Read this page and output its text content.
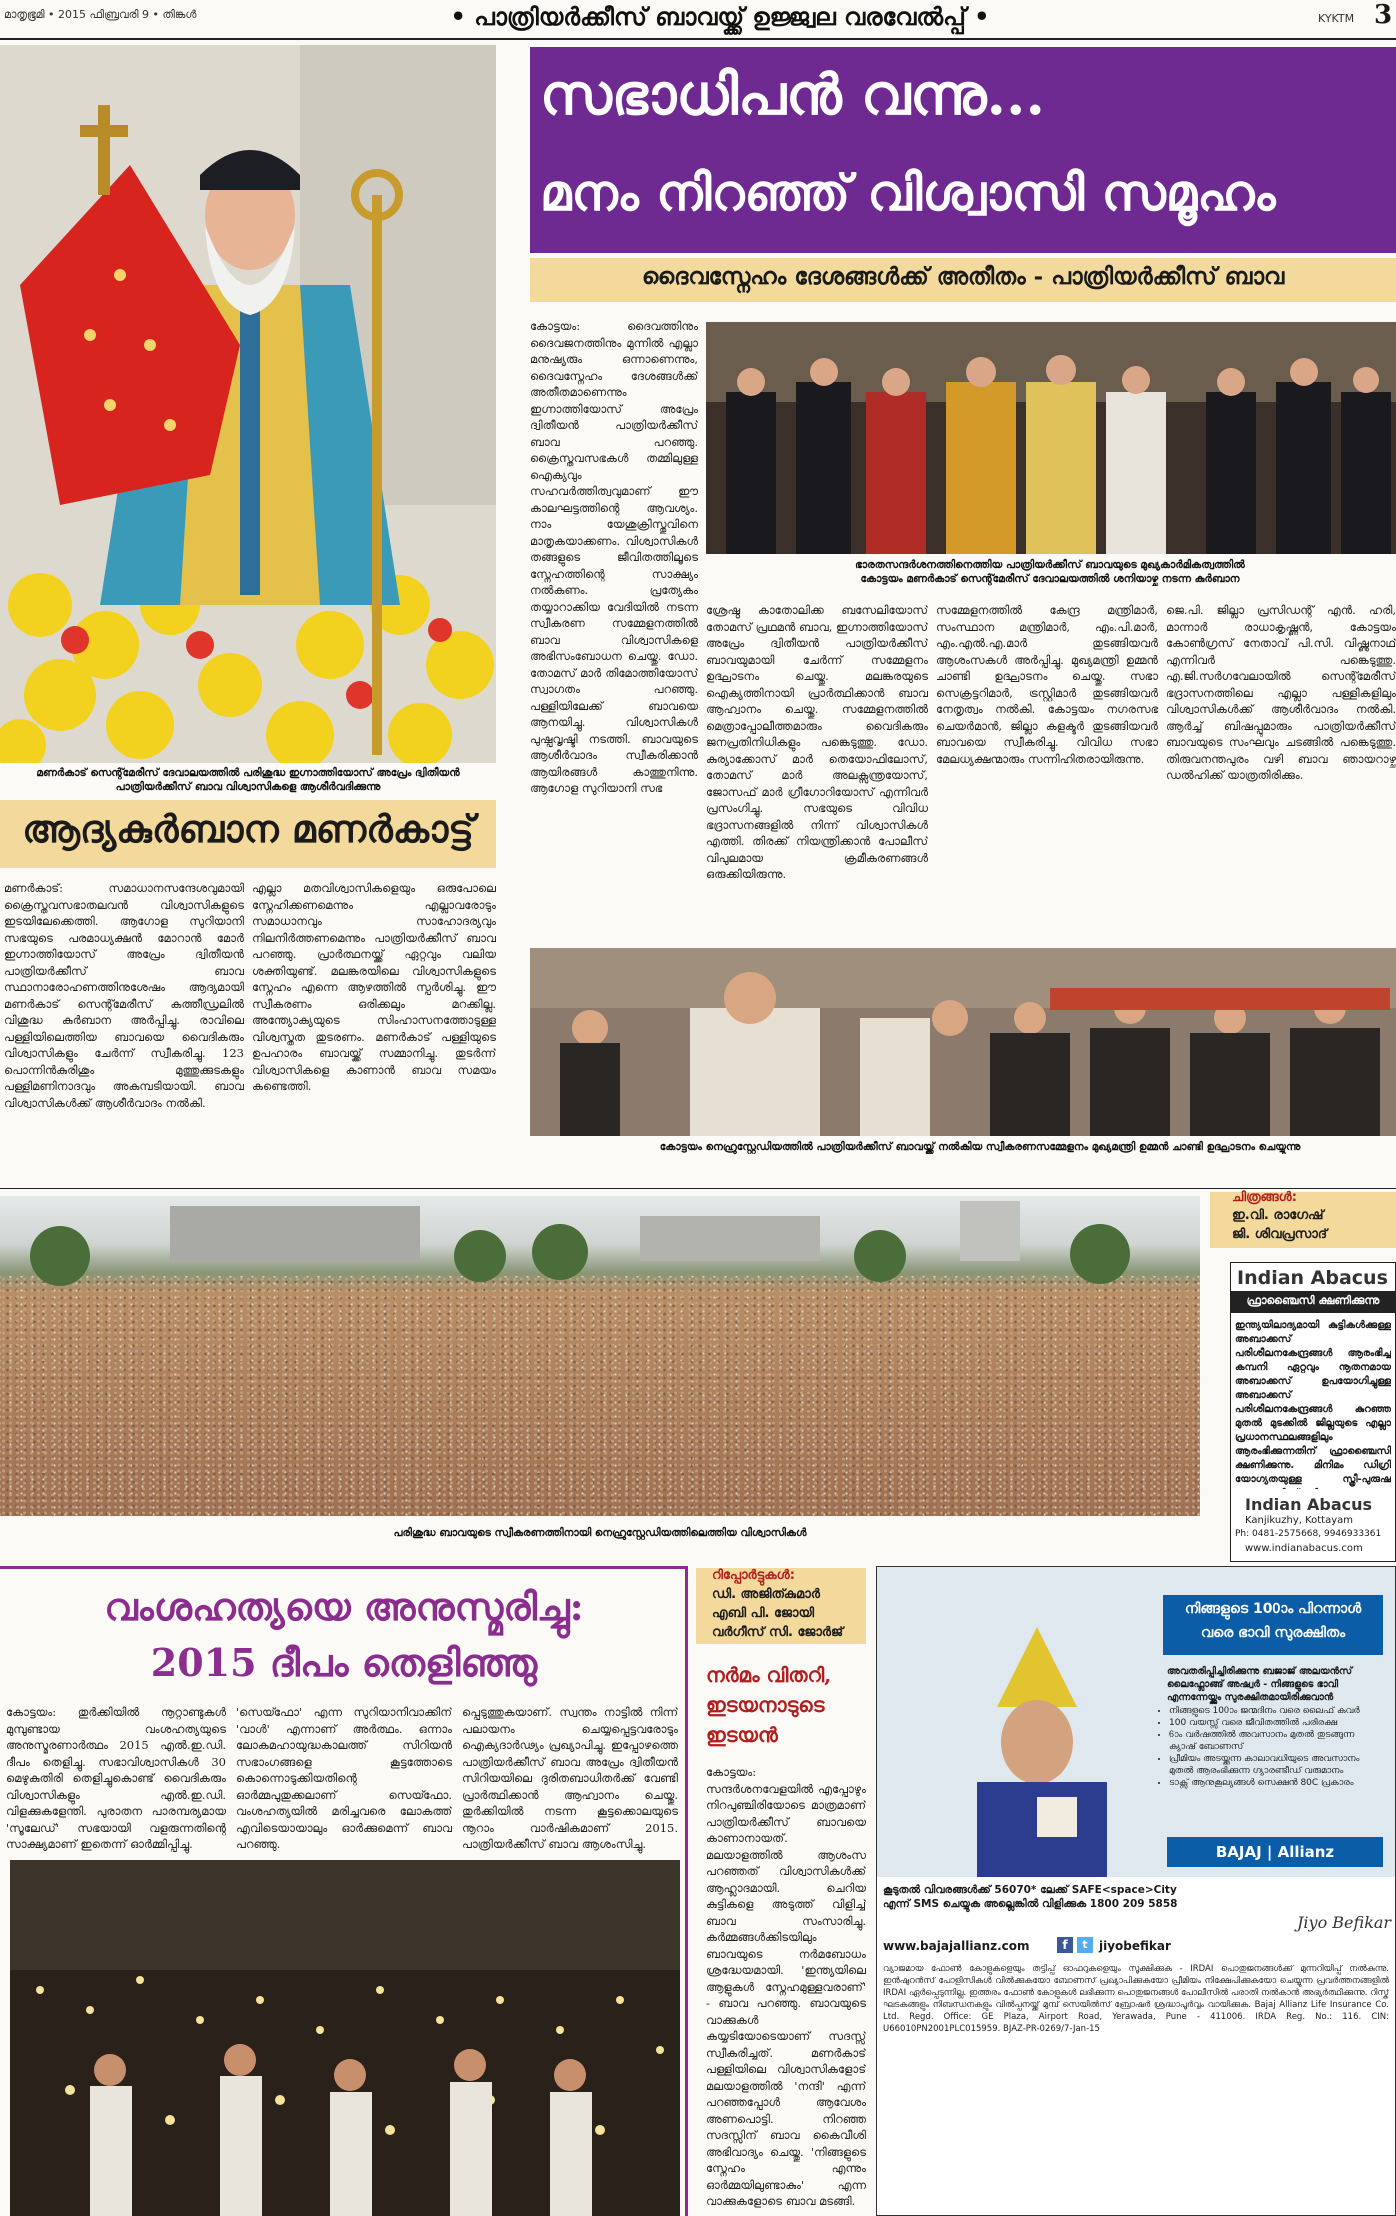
മാതൃഭൂമി • 2015 ഫിബ്രവരി 9 • തിങ്കൾ	• പാത്രിയർക്കീസ് ബാവയ്ക്ക് ഉജ്ജ്വല വരവേൽപ്പ് •	KYKTM 3
മണർകാട് സെന്റ്മേരീസ് ദേവാലയത്തിൽ പരിശുദ്ധ ഇഗ്നാത്തിയോസ് അപ്രേം ദ്വിതീയൻ പാത്രിയർക്കീസ് ബാവ വിശ്വാസികളെ ആശീർവദിക്കുന്നു
ആദ്യകുർബാന മണർകാട്ട്
മണർകാട്: സമാധാനസന്ദേശവുമായി ക്രൈസ്തവസഭാതലവൻ വിശ്വാസികളുടെ ഇടയിലേക്കെത്തി. ആഗോള സുറിയാനി സഭയുടെ പരമാധ്യക്ഷൻ മോറാൻ മോർ ഇഗ്നാത്തിയോസ് അപ്രേം ദ്വിതീയൻ പാത്രിയർക്കീസ് ബാവ സ്ഥാനാരോഹണത്തിനുശേഷം ആദ്യമായി മണർകാട് സെന്റ്മേരീസ് കത്തീഡ്രലിൽ വിശുദ്ധ കുർബാന അർപ്പിച്ചു. രാവിലെ പള്ളിയിലെത്തിയ ബാവയെ വൈദികരും വിശ്വാസികളും ചേർന്ന് സ്വീകരിച്ചു. 123 പൊന്നിൻകുരിശും മുത്തുക്കുടകളും പള്ളിമണിനാദവും അകമ്പടിയായി. ബാവ വിശ്വാസികൾക്ക് ആശീർവാദം നൽകി.
എല്ലാ മതവിശ്വാസികളെയും ഒരുപോലെ സ്നേഹിക്കണമെന്നും എല്ലാവരോടും സമാധാനവും സാഹോദര്യവും നിലനിർത്തണമെന്നും പാത്രിയർക്കീസ് ബാവ പറഞ്ഞു. പ്രാർത്ഥനയ്ക്ക് ഏറ്റവും വലിയ ശക്തിയുണ്ട്. മലങ്കരയിലെ വിശ്വാസികളുടെ സ്നേഹം എന്നെ ആഴത്തിൽ സ്പർശിച്ചു. ഈ സ്വീകരണം ഒരിക്കലും മറക്കില്ല. അന്ത്യോക്യയുടെ സിംഹാസനത്തോടുള്ള വിശ്വസ്തത തുടരണം. മണർകാട് പള്ളിയുടെ ഉപഹാരം ബാവയ്ക്ക് സമ്മാനിച്ചു. തുടർന്ന് വിശ്വാസികളെ കാണാൻ ബാവ സമയം കണ്ടെത്തി.
സഭാധിപൻ വന്നു...
മനം നിറഞ്ഞ് വിശ്വാസി സമൂഹം
ദൈവസ്നേഹം ദേശങ്ങൾക്ക് അതീതം - പാത്രിയർക്കീസ് ബാവ
കോട്ടയം: ദൈവത്തിനും ദൈവജനത്തിനും മുന്നിൽ എല്ലാ മനുഷ്യരും ഒന്നാണെന്നും, ദൈവസ്നേഹം ദേശങ്ങൾക്ക് അതീതമാണെന്നും ഇഗ്നാത്തിയോസ് അപ്രേം ദ്വിതീയൻ പാത്രിയർക്കീസ് ബാവ പറഞ്ഞു. ക്രൈസ്തവസഭകൾ തമ്മിലുള്ള ഐക്യവും സഹവർത്തിത്വവുമാണ് ഈ കാലഘട്ടത്തിന്റെ ആവശ്യം. നാം യേശുക്രിസ്തുവിനെ മാതൃകയാക്കണം. വിശ്വാസികൾ തങ്ങളുടെ ജീവിതത്തിലൂടെ സ്നേഹത്തിന്റെ സാക്ഷ്യം നൽകണം. പ്രത്യേകം തയ്യാറാക്കിയ വേദിയിൽ നടന്ന സ്വീകരണ സമ്മേളനത്തിൽ ബാവ വിശ്വാസികളെ അഭിസംബോധന ചെയ്തു. ഡോ. തോമസ് മാർ തിമോത്തിയോസ് സ്വാഗതം പറഞ്ഞു. പള്ളിയിലേക്ക് ബാവയെ ആനയിച്ചു. വിശ്വാസികൾ പുഷ്പവൃഷ്ടി നടത്തി. ബാവയുടെ ആശീർവാദം സ്വീകരിക്കാൻ ആയിരങ്ങൾ കാത്തുനിന്നു. ആഗോള സുറിയാനി സഭ
ഭാരതസന്ദർശനത്തിനെത്തിയ പാത്രിയർക്കീസ് ബാവയുടെ മുഖ്യകാർമികത്വത്തിൽ കോട്ടയം മണർകാട് സെന്റ്മേരീസ് ദേവാലയത്തിൽ ശനിയാഴ്ച നടന്ന കുർബാന
ശ്രേഷ്ഠ കാതോലിക്ക ബസേലിയോസ് തോമസ് പ്രഥമൻ ബാവ, ഇഗ്നാത്തിയോസ് അപ്രേം ദ്വിതീയൻ പാത്രിയർക്കീസ് ബാവയുമായി ചേർന്ന് സമ്മേളനം ഉദ്ഘാടനം ചെയ്തു. മലങ്കരയുടെ ഐക്യത്തിനായി പ്രാർത്ഥിക്കാൻ ബാവ ആഹ്വാനം ചെയ്തു. സമ്മേളനത്തിൽ മെത്രാപ്പോലീത്തമാരും വൈദികരും ജനപ്രതിനിധികളും പങ്കെടുത്തു. ഡോ. കുര്യാക്കോസ് മാർ തെയോഫിലോസ്, തോമസ് മാർ അലക്സന്ത്രയോസ്, ജോസഫ് മാർ ഗ്രീഗോറിയോസ് എന്നിവർ പ്രസംഗിച്ചു. സഭയുടെ വിവിധ ഭദ്രാസനങ്ങളിൽ നിന്ന് വിശ്വാസികൾ എത്തി. തിരക്ക് നിയന്ത്രിക്കാൻ പോലീസ് വിപുലമായ ക്രമീകരണങ്ങൾ ഒരുക്കിയിരുന്നു.
സമ്മേളനത്തിൽ കേന്ദ്ര മന്ത്രിമാർ, സംസ്ഥാന മന്ത്രിമാർ, എം.പി.മാർ, എം.എൽ.എ.മാർ തുടങ്ങിയവർ ആശംസകൾ അർപ്പിച്ചു. മുഖ്യമന്ത്രി ഉമ്മൻ ചാണ്ടി ഉദ്ഘാടനം ചെയ്തു. സഭാ സെക്രട്ടറിമാർ, ട്രസ്റ്റിമാർ തുടങ്ങിയവർ നേതൃത്വം നൽകി. കോട്ടയം നഗരസഭ ചെയർമാൻ, ജില്ലാ കളക്ടർ തുടങ്ങിയവർ ബാവയെ സ്വീകരിച്ചു. വിവിധ സഭാ മേലധ്യക്ഷന്മാരും സന്നിഹിതരായിരുന്നു.
ജെ.പി. ജില്ലാ പ്രസിഡന്റ് എൻ. ഹരി, മാന്നാർ രാധാകൃഷ്ണൻ, കോട്ടയം കോൺഗ്രസ് നേതാവ് പി.സി. വിഷ്ണുനാഥ് എന്നിവർ പങ്കെടുത്തു. എ.ജി.സർഗവേലായിൽ സെന്റ്മേരീസ് ഭദ്രാസനത്തിലെ എല്ലാ പള്ളികളിലും വിശ്വാസികൾക്ക് ആശീർവാദം നൽകി. ആർച്ച് ബിഷപ്പുമാരും പാത്രിയർക്കീസ് ബാവയുടെ സംഘവും ചടങ്ങിൽ പങ്കെടുത്തു. തിരുവനന്തപുരം വഴി ബാവ ഞായറാഴ്ച ഡൽഹിക്ക് യാത്രതിരിക്കും.
കോട്ടയം നെഹ്രുസ്റ്റേഡിയത്തിൽ പാത്രിയർക്കീസ് ബാവയ്ക്ക് നൽകിയ സ്വീകരണസമ്മേളനം മുഖ്യമന്ത്രി ഉമ്മൻ ചാണ്ടി ഉദ്ഘാടനം ചെയ്യുന്നു
പരിശുദ്ധ ബാവയുടെ സ്വീകരണത്തിനായി നെഹ്രുസ്റ്റേഡിയത്തിലെത്തിയ വിശ്വാസികൾ
ചിത്രങ്ങൾ:
ഇ.വി. രാഗേഷ്
ജി. ശിവപ്രസാദ്
Indian Abacus
ഫ്രാഞ്ചൈസി ക്ഷണിക്കുന്നു
ഇന്ത്യയിലാദ്യമായി കുട്ടികൾക്കുള്ള അബാക്കസ് പരിശീലനകേന്ദ്രങ്ങൾ ആരംഭിച്ച കമ്പനി ഏറ്റവും നൂതനമായ അബാക്കസ് ഉപയോഗിച്ചുള്ള അബാക്കസ് പരിശീലനകേന്ദ്രങ്ങൾ കുറഞ്ഞ മുതൽ മുടക്കിൽ ജില്ലയുടെ എല്ലാ പ്രധാനസ്ഥലങ്ങളിലും ആരംഭിക്കുന്നതിന് ഫ്രാഞ്ചൈസി ക്ഷണിക്കുന്നു. മിനിമം ഡിഗ്രി യോഗ്യതയുള്ള സ്ത്രീ-പുരുഷ
Indian Abacus
Kanjikuzhy, Kottayam
Ph: 0481-2575668, 9946933361
www.indianabacus.com
വംശഹത്യയെ അനുസ്മരിച്ചു:
2015 ദീപം തെളിഞ്ഞു
കോട്ടയം: തുർക്കിയിൽ നൂറ്റാണ്ടുകൾ മുമ്പുണ്ടായ വംശഹത്യയുടെ അനുസ്മരണാർത്ഥം 2015 എൽ.ഇ.ഡി. ദീപം തെളിച്ചു. സഭാവിശ്വാസികൾ 30 മെഴുകുതിരി തെളിച്ചുകൊണ്ട് വൈദികരും വിശ്വാസികളും എൽ.ഇ.ഡി. വിളക്കുകളേന്തി. പുരാതന പാരമ്പര്യമായ 'സൂലേഡ്' സഭയായി വളരുന്നതിന്റെ സാക്ഷ്യമാണ് ഇതെന്ന് ഓർമ്മിപ്പിച്ചു.
'സെയ്ഫോ' എന്ന സുറിയാനിവാക്കിന് 'വാൾ' എന്നാണ് അർത്ഥം. ഒന്നാം ലോകമഹായുദ്ധകാലത്ത് സിറിയൻ സഭാംഗങ്ങളെ കൂട്ടത്തോടെ കൊന്നൊടുക്കിയതിന്റെ ഓർമ്മപുതുക്കലാണ് സെയ്ഫോ. വംശഹത്യയിൽ മരിച്ചവരെ ലോകത്ത് എവിടെയായാലും ഓർക്കുമെന്ന് ബാവ പറഞ്ഞു.
പ്പെടുത്തുകയാണ്. സ്വന്തം നാട്ടിൽ നിന്ന് പലായനം ചെയ്യപ്പെട്ടവരോടും ഐക്യദാർഢ്യം പ്രഖ്യാപിച്ചു. ഇപ്പോഴത്തെ പാത്രിയർക്കീസ് ബാവ അപ്രേം ദ്വിതീയൻ സിറിയയിലെ ദുരിതബാധിതർക്ക് വേണ്ടി പ്രാർത്ഥിക്കാൻ ആഹ്വാനം ചെയ്തു. തുർക്കിയിൽ നടന്ന കൂട്ടക്കൊലയുടെ നൂറാം വാർഷികമാണ് 2015. പാത്രിയർക്കീസ് ബാവ ആശംസിച്ചു.
റിപ്പോർട്ടുകൾ:
ഡി. അജിത്കുമാർ
എബി പി. ജോയി
വർഗീസ് സി. ജോർജ്
നർമം വിതറി, ഇടയനാടുടെ ഇടയൻ
കോട്ടയം: സന്ദർശനവേളയിൽ എപ്പോഴും നിറപുഞ്ചിരിയോടെ മാത്രമാണ് പാത്രിയർക്കീസ് ബാവയെ കാണാനായത്. മലയാളത്തിൽ ആശംസ പറഞ്ഞത് വിശ്വാസികൾക്ക് ആഹ്ലാദമായി. ചെറിയ കുട്ടികളെ അടുത്ത് വിളിച്ച് ബാവ സംസാരിച്ചു. കർമ്മങ്ങൾക്കിടയിലും ബാവയുടെ നർമബോധം ശ്രദ്ധേയമായി. 'ഇന്ത്യയിലെ ആളുകൾ സ്നേഹമുള്ളവരാണ്' - ബാവ പറഞ്ഞു. ബാവയുടെ വാക്കുകൾ കയ്യടിയോടെയാണ് സദസ്സ് സ്വീകരിച്ചത്. മണർകാട് പള്ളിയിലെ വിശ്വാസികളോട് മലയാളത്തിൽ 'നന്ദി' എന്ന് പറഞ്ഞപ്പോൾ ആവേശം അണപൊട്ടി. നിറഞ്ഞ സദസ്സിന് ബാവ കൈവീശി അഭിവാദ്യം ചെയ്തു. 'നിങ്ങളുടെ സ്നേഹം എന്നും ഓർമ്മയിലുണ്ടാകും' എന്ന വാക്കുകളോടെ ബാവ മടങ്ങി.
നിങ്ങളുടെ 100ാം പിറന്നാൾ
വരെ ഭാവി സുരക്ഷിതം
അവതരിപ്പിച്ചിരിക്കുന്നു ബജാജ് അലയൻസ് ലൈഫ്ലോങ്ങ് അഷ്വർ - നിങ്ങളുടെ ഭാവി എന്നന്നേയ്ക്കും സുരക്ഷിതമായിരിക്കുവാൻ
• നിങ്ങളുടെ 100ാം ജന്മദിനം വരെ ലൈഫ് കവർ
• 100 വയസ്സ് വരെ ജീവിതത്തിൽ പരിരക്ഷ
• 6ാം വർഷത്തിൽ അവസാനം മുതൽ തുടങ്ങുന്ന ക്യാഷ് ബോണസ്
• പ്രീമിയം അടയ്ക്കുന്ന കാലാവധിയുടെ അവസാനം മുതൽ ആരംഭിക്കുന്ന ഗ്യാരണ്ടീഡ് വരുമാനം
• ടാക്സ് ആനുകൂല്യങ്ങൾ സെക്ഷൻ 80C പ്രകാരം
BAJAJ | Allianz
കൂടുതൽ വിവരങ്ങൾക്ക് 56070* ലേക്ക് SAFE<space>City എന്ന് SMS ചെയ്യുക അല്ലെങ്കിൽ വിളിക്കുക 1800 209 5858
www.bajajallianz.com	f	t jiyobefikar
Jiyo Befikar
വ്യാജമായ ഫോൺ കോളുകളെയും തട്ടിപ്പ് ഓഫറുകളെയും സൂക്ഷിക്കുക - IRDAI പൊതുജനങ്ങൾക്ക് മുന്നറിയിപ്പ് നൽകുന്നു. ഇൻഷുറൻസ് പോളിസികൾ വിൽക്കുകയോ ബോണസ് പ്രഖ്യാപിക്കുകയോ പ്രീമിയം നിക്ഷേപിക്കുകയോ ചെയ്യുന്ന പ്രവർത്തനങ്ങളിൽ IRDAI ഏർപ്പെടുന്നില്ല. ഇത്തരം ഫോൺ കോളുകൾ ലഭിക്കുന്ന പൊതുജനങ്ങൾ പോലീസിൽ പരാതി നൽകാൻ അഭ്യർത്ഥിക്കുന്നു. റിസ്ക് ഘടകങ്ങളും നിബന്ധനകളും വിൽപ്പനയ്ക്ക് മുമ്പ് സെയിൽസ് ബ്രോഷർ ശ്രദ്ധാപൂർവ്വം വായിക്കുക. Bajaj Allianz Life Insurance Co. Ltd. Regd. Office: GE Plaza, Airport Road, Yerawada, Pune - 411006. IRDA Reg. No.: 116. CIN: U66010PN2001PLC015959. BJAZ-PR-0269/7-Jan-15
